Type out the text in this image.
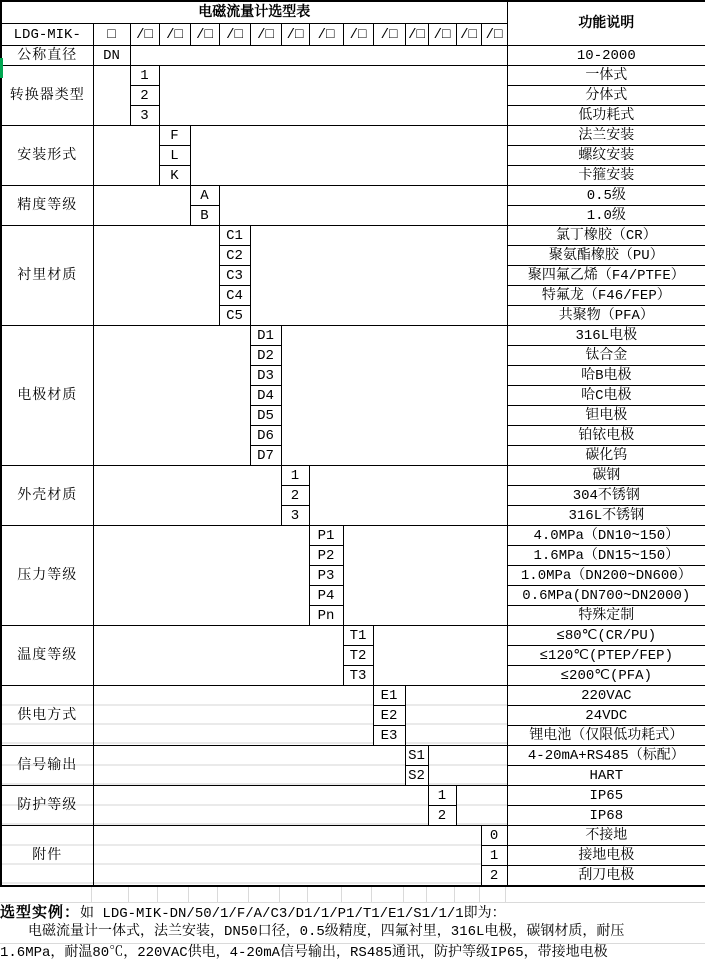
电磁流量计选型表															功能说明
LDG-MIK-	□	/□	/□	/□	/□	/□	/□	/□	/□	/□	/□	/□	/□	/□	
公称直径	DN														10-2000
转换器类型		1													一体式
		2													分体式
		3													低功耗式
安装形式			F												法兰安装
			L												螺纹安装
			K												卡箍安装
精度等级				A											0.5级
				B											1.0级
衬里材质					C1										氯丁橡胶（CR）
					C2										聚氨酯橡胶（PU）
					C3										聚四氟乙烯（F4/PTFE）
					C4										特氟龙（F46/FEP）
					C5										共聚物（PFA）
电极材质						D1									316L电极
						D2									钛合金
						D3									哈B电极
						D4									哈C电极
						D5									钽电极
						D6									铂铱电极
						D7									碳化钨
外壳材质							1								碳钢
							2								304不锈钢
							3								316L不锈钢
压力等级								P1							4.0MPa（DN10~150）
								P2							1.6MPa（DN15~150）
								P3							1.0MPa（DN200~DN600）
								P4							0.6MPa(DN700~DN2000)
								Pn							特殊定制
温度等级									T1						≤80℃(CR/PU)
									T2						≤120℃(PTEP/FEP)
									T3						≤200℃(PFA)
供电方式										E1					220VAC
										E2					24VDC
										E3					锂电池（仅限低功耗式）
信号输出											S1				4-20mA+RS485（标配）
											S2				HART
防护等级												1			IP65
												2			IP68
附件														0	不接地
														1	接地电极
														2	刮刀电极
选型实例：如 LDG-MIK-DN/50/1/F/A/C3/D1/1/P1/T1/E1/S1/1/1即为：
电磁流量计一体式，法兰安装，DN50口径，0.5级精度，四氟衬里，316L电极，碳钢材质，耐压
1.6MPa，耐温80℃，220VAC供电，4-20mA信号输出，RS485通讯，防护等级IP65，带接地电极
